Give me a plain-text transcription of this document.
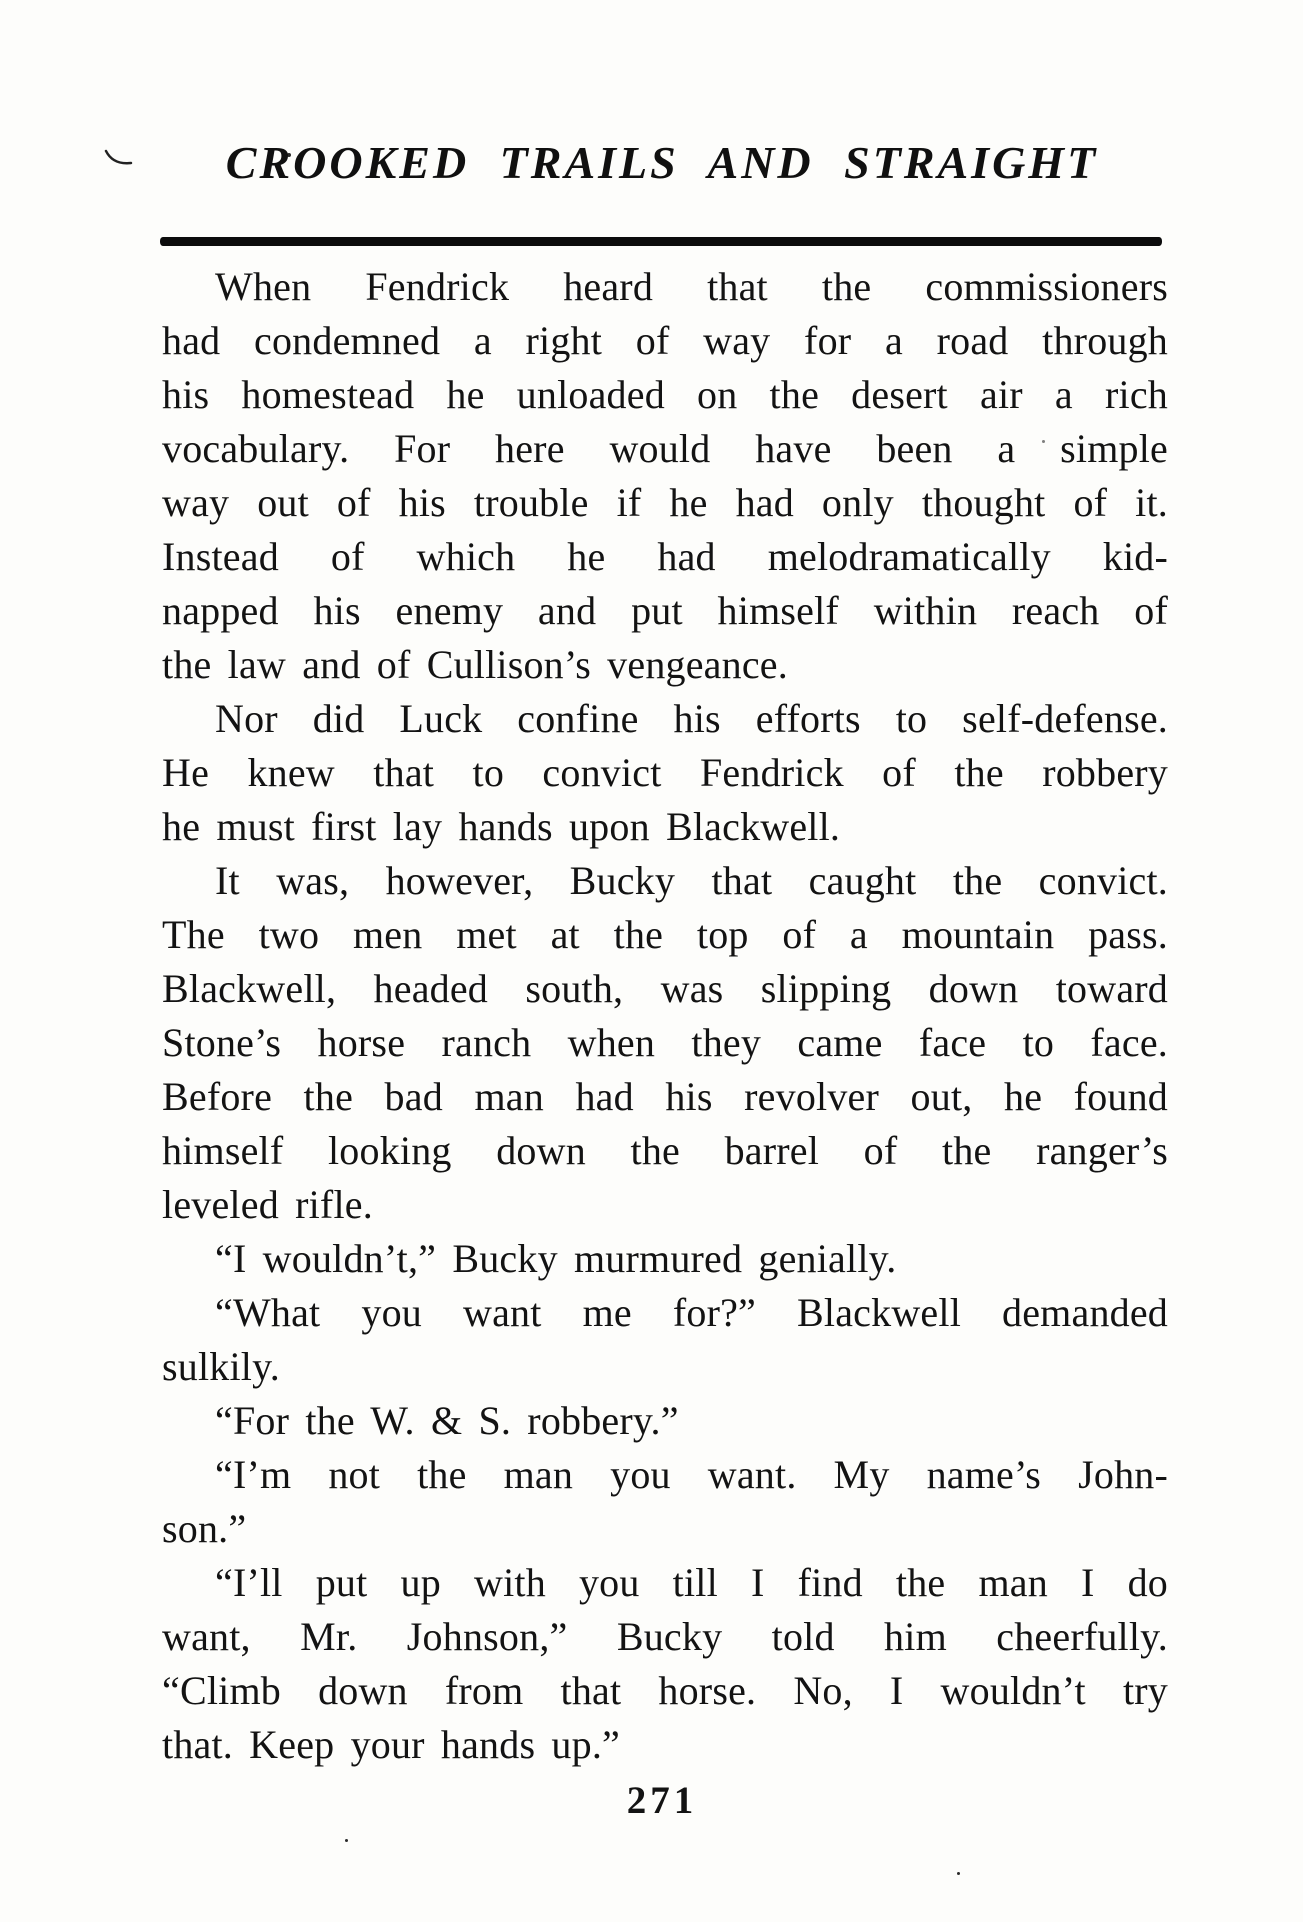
CROOKED TRAILS AND STRAIGHT
When Fendrick heard that the commissioners
had condemned a right of way for a road through
his homestead he unloaded on the desert air a rich
vocabulary. For here would have been a simple
way out of his trouble if he had only thought of it.
Instead of which he had melodramatically kid-
napped his enemy and put himself within reach of
the law and of Cullison’s vengeance.
Nor did Luck confine his efforts to self-defense.
He knew that to convict Fendrick of the robbery
he must first lay hands upon Blackwell.
It was, however, Bucky that caught the convict.
The two men met at the top of a mountain pass.
Blackwell, headed south, was slipping down toward
Stone’s horse ranch when they came face to face.
Before the bad man had his revolver out, he found
himself looking down the barrel of the ranger’s
leveled rifle.
“I wouldn’t,” Bucky murmured genially.
“What you want me for?” Blackwell demanded
sulkily.
“For the W. & S. robbery.”
“I’m not the man you want. My name’s John-
son.”
“I’ll put up with you till I find the man I do
want, Mr. Johnson,” Bucky told him cheerfully.
“Climb down from that horse. No, I wouldn’t try
that. Keep your hands up.”
271
